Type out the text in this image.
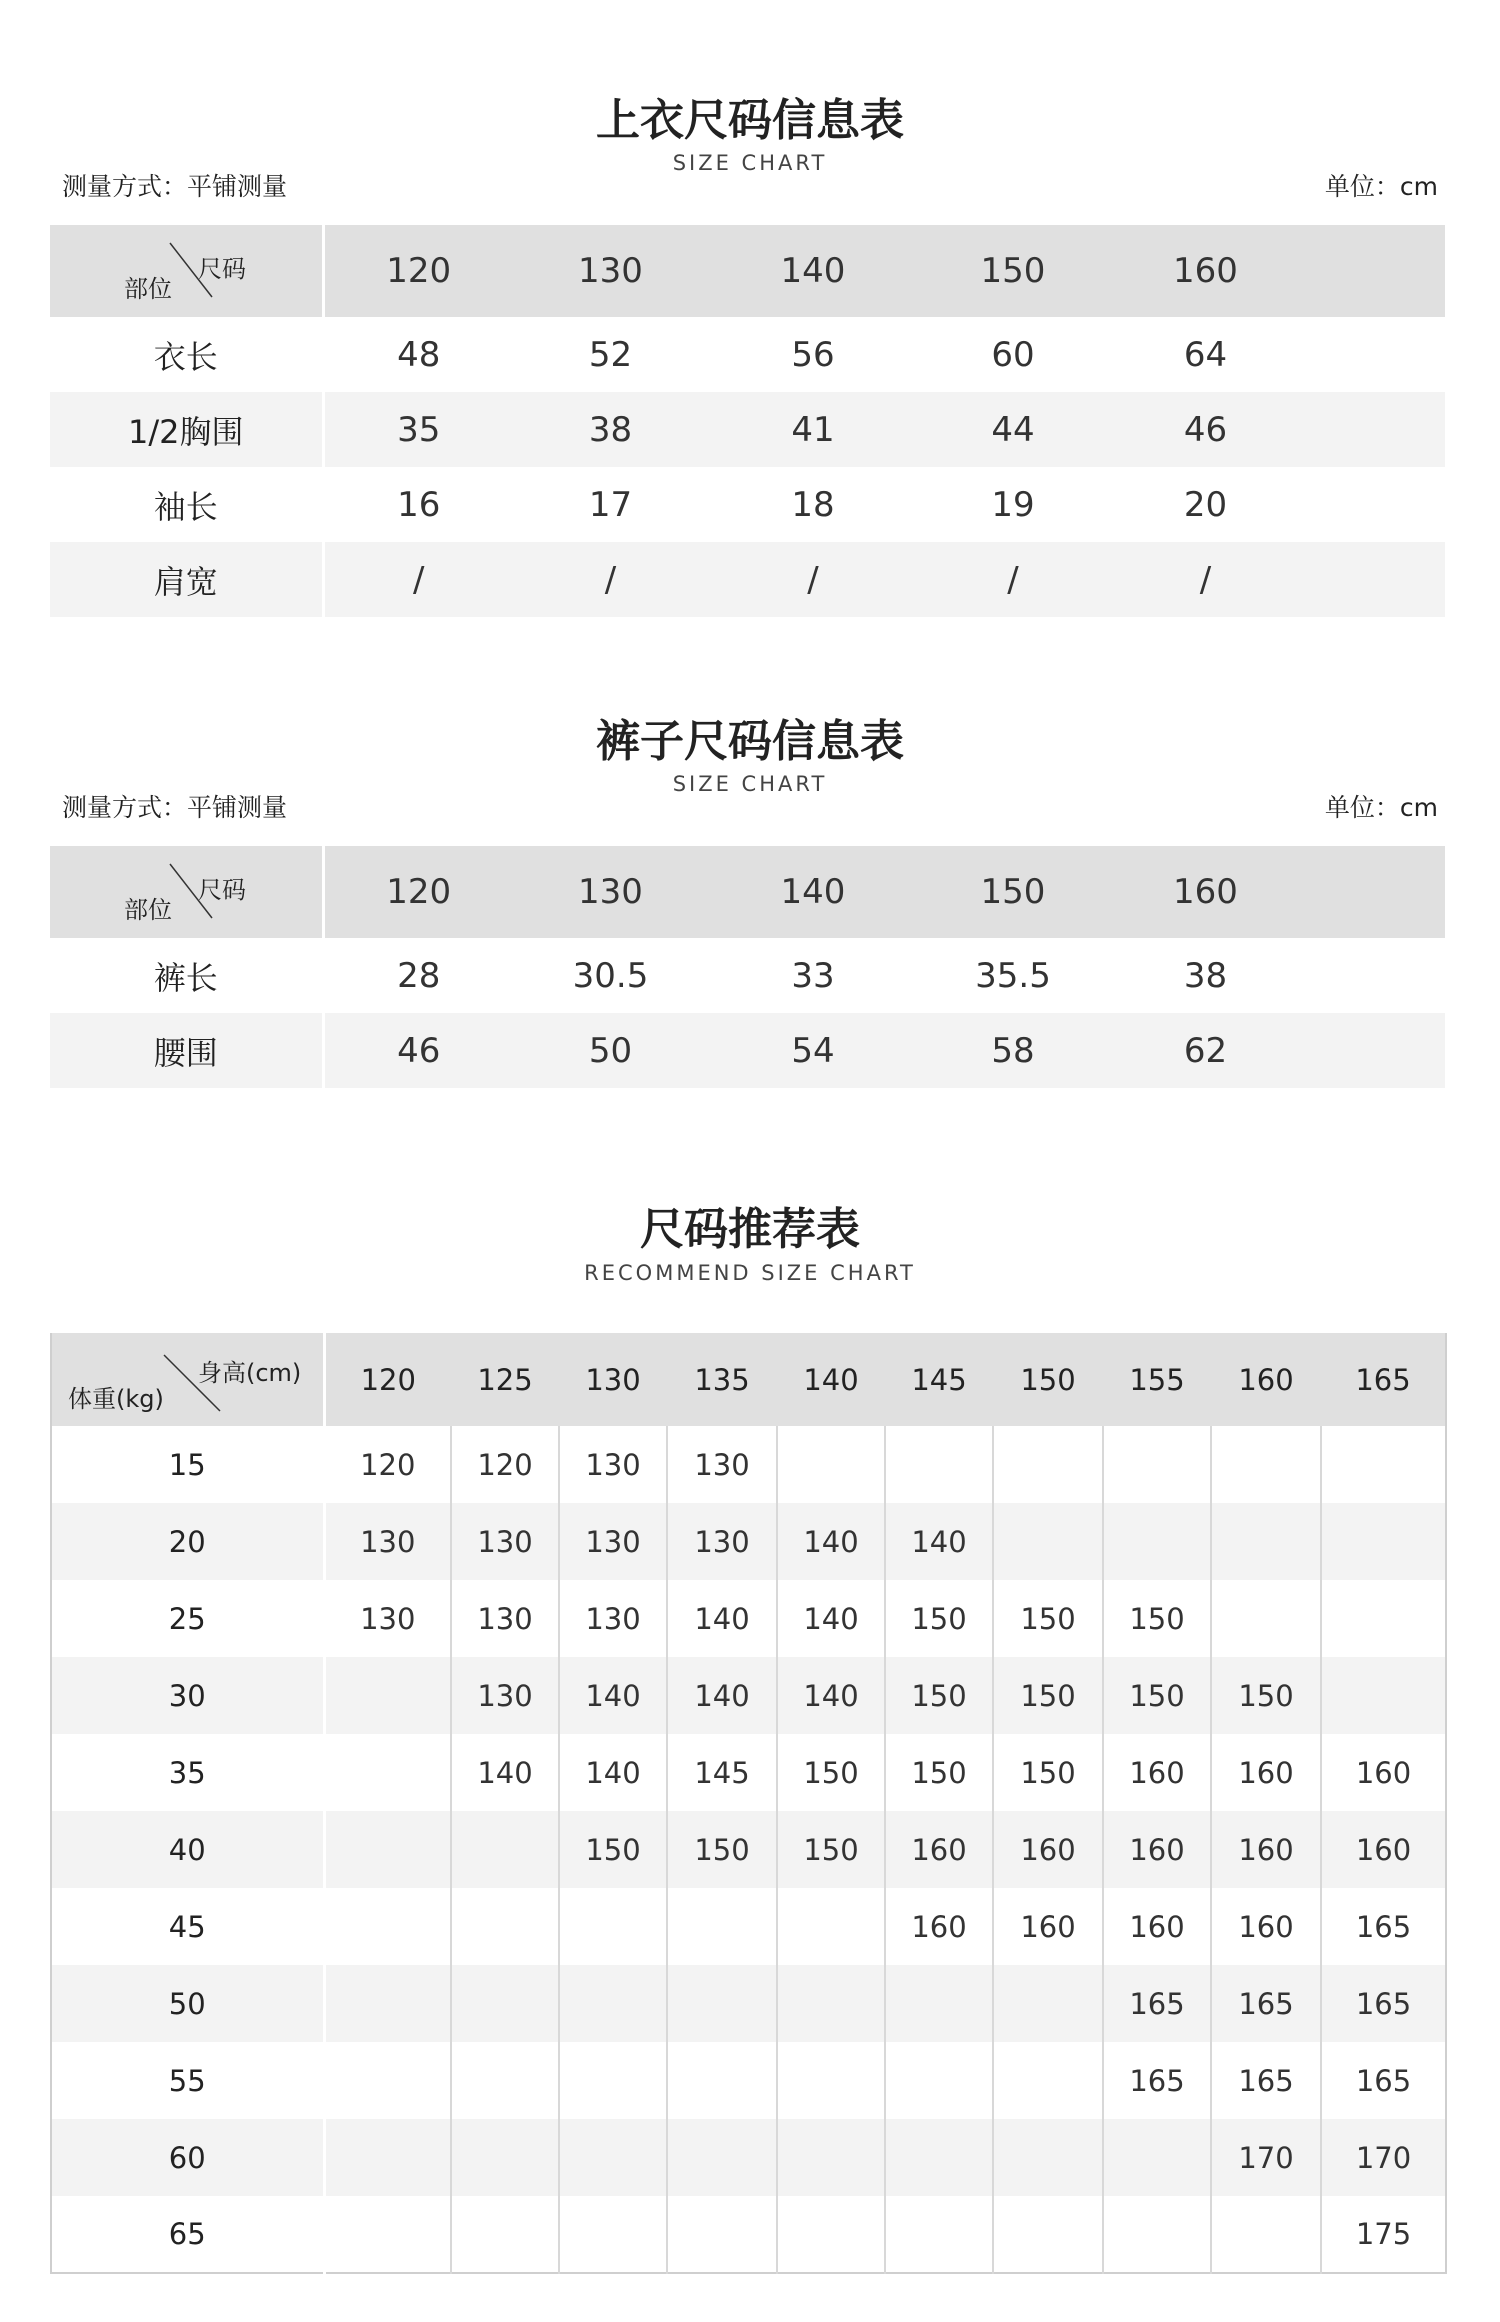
上衣尺码信息表
SIZE CHART
测量方式：平铺测量	单位：cm
尺码
部位	120	130	140	150	160	
衣长	48	52	56	60	64	
1/2胸围	35	38	41	44	46	
袖长	16	17	18	19	20	
肩宽	/	/	/	/	/	
裤子尺码信息表
SIZE CHART
测量方式：平铺测量	单位：cm
尺码
部位	120	130	140	150	160	
裤长	28	30.5	33	35.5	38	
腰围	46	50	54	58	62	
尺码推荐表
RECOMMEND SIZE CHART
身高(cm)
体重(kg)	120	125	130	135	140	145	150	155	160	165
15	120	120	130	130						
20	130	130	130	130	140	140				
25	130	130	130	140	140	150	150	150		
30		130	140	140	140	150	150	150	150	
35		140	140	145	150	150	150	160	160	160
40			150	150	150	160	160	160	160	160
45						160	160	160	160	165
50								165	165	165
55								165	165	165
60									170	170
65										175
